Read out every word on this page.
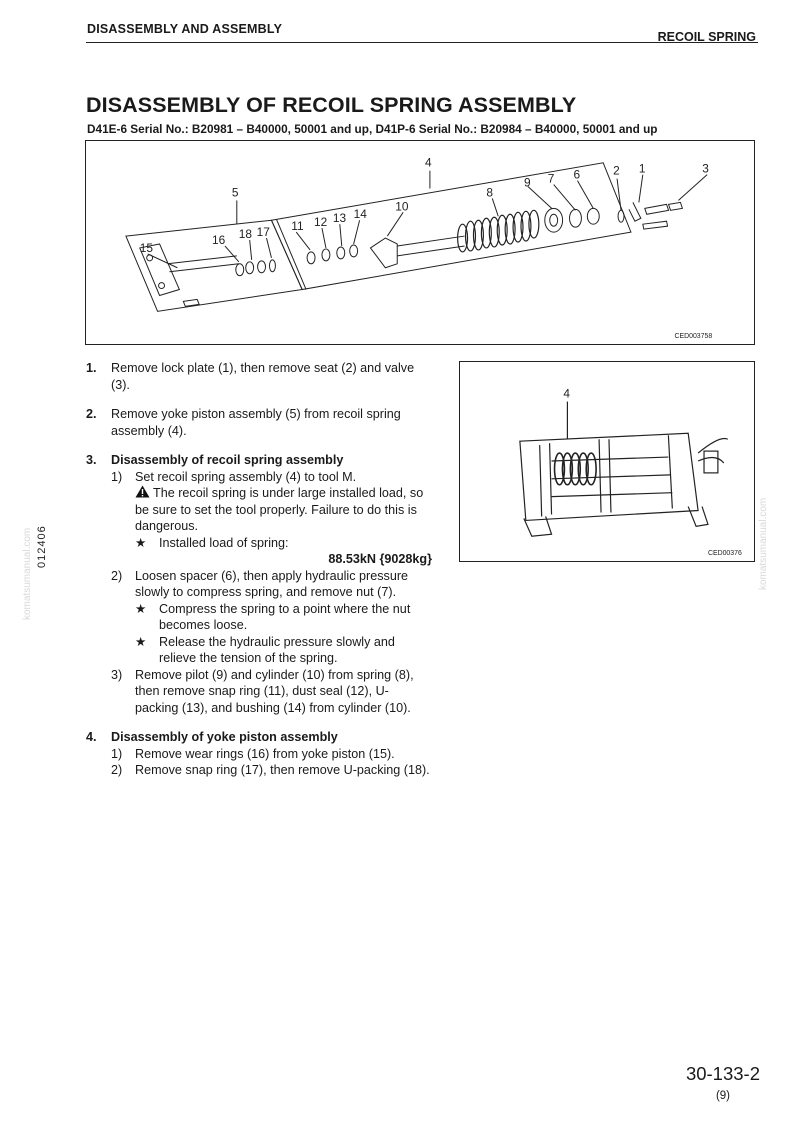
DISASSEMBLY AND ASSEMBLY
RECOIL SPRING
DISASSEMBLY OF RECOIL SPRING ASSEMBLY
D41E-6 Serial No.: B20981 – B40000, 50001 and up, D41P-6 Serial No.: B20984 – B40000, 50001 and up
4
5
15
16 18 17 11 12 13 14
10
8
9 7 6	2 1	3
CED003758
4
CED00376
1.	Remove lock plate (1), then remove seat (2) and valve (3).
2.	Remove yoke piston assembly (5) from recoil spring assembly (4).
3.	Disassembly of recoil spring assembly
1)	Set recoil spring assembly (4) to tool M.
The recoil spring is under large installed load, so be sure to set the tool properly. Failure to do this is dangerous.
★	Installed load of spring:
88.53kN {9028kg}
2)	Loosen spacer (6), then apply hydraulic pressure slowly to compress spring, and remove nut (7).
★	Compress the spring to a point where the nut becomes loose.
★	Release the hydraulic pressure slowly and relieve the tension of the spring.
3)	Remove pilot (9) and cylinder (10) from spring (8), then remove snap ring (11), dust seal (12), U-packing (13), and bushing (14) from cylinder (10).
4.	Disassembly of yoke piston assembly
1)	Remove wear rings (16) from yoke piston (15).
2)	Remove snap ring (17), then remove U-packing (18).
012406
komatsumanual.com	komatsumanual.com
30-133-2
(9)
